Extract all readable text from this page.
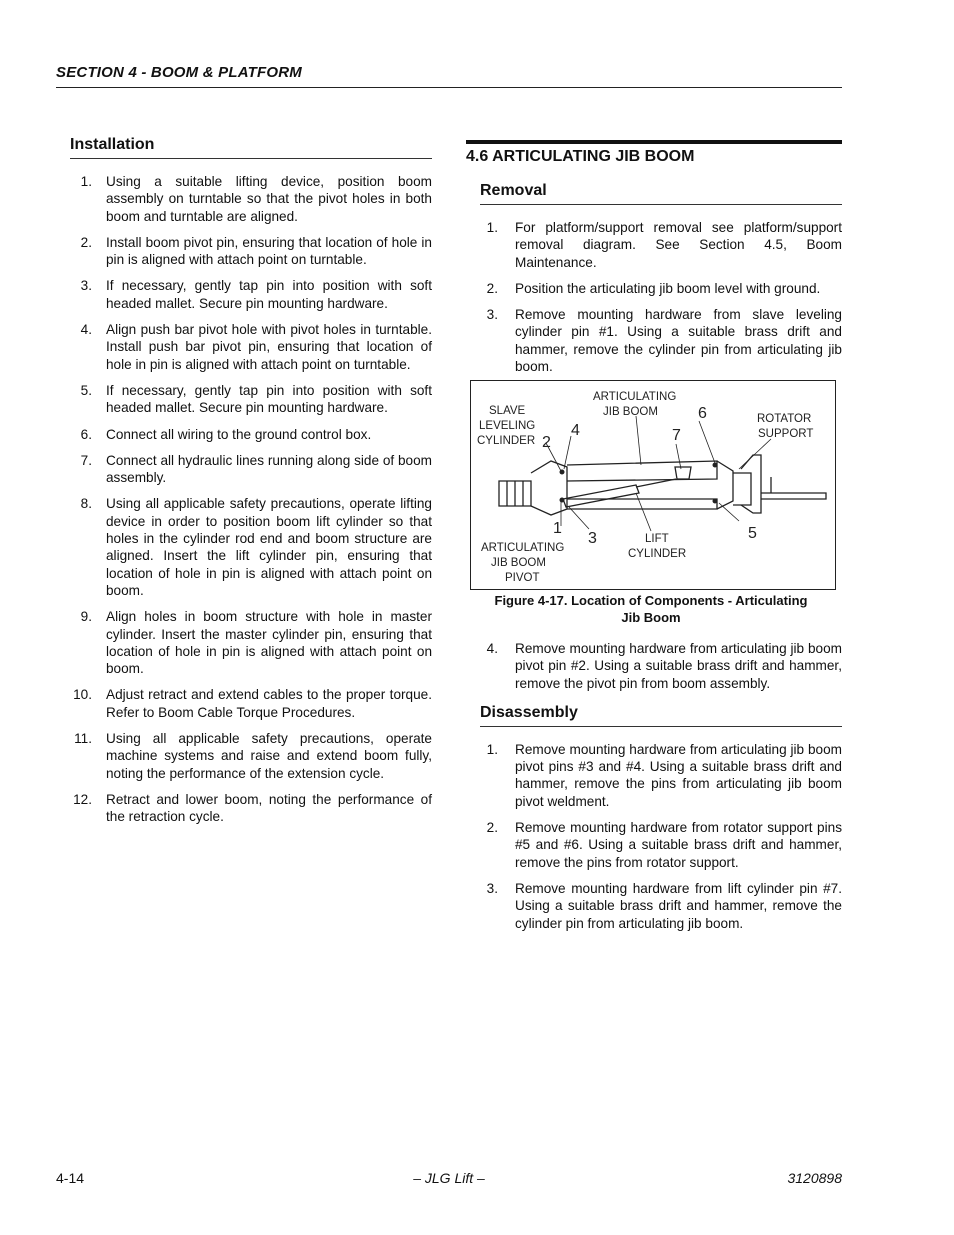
SECTION 4 - BOOM & PLATFORM
Installation
1. Using a suitable lifting device, position boom assembly on turntable so that the pivot holes in both boom and turntable are aligned.
2. Install boom pivot pin, ensuring that location of hole in pin is aligned with attach point on turntable.
3. If necessary, gently tap pin into position with soft headed mallet. Secure pin mounting hardware.
4. Align push bar pivot hole with pivot holes in turntable. Install push bar pivot pin, ensuring that location of hole in pin is aligned with attach point on turntable.
5. If necessary, gently tap pin into position with soft headed mallet. Secure pin mounting hardware.
6. Connect all wiring to the ground control box.
7. Connect all hydraulic lines running along side of boom assembly.
8. Using all applicable safety precautions, operate lifting device in order to position boom lift cylinder so that holes in the cylinder rod end and boom structure are aligned. Insert the lift cylinder pin, ensuring that location of hole in pin is aligned with attach point on boom.
9. Align holes in boom structure with hole in master cylinder. Insert the master cylinder pin, ensuring that location of hole in pin is aligned with attach point on boom.
10. Adjust retract and extend cables to the proper torque. Refer to Boom Cable Torque Procedures.
11. Using all applicable safety precautions, operate machine systems and raise and extend boom fully, noting the performance of the extension cycle.
12. Retract and lower boom, noting the performance of the retraction cycle.
4.6 ARTICULATING JIB BOOM
Removal
1. For platform/support removal see platform/support removal diagram. See Section 4.5, Boom Maintenance.
2. Position the articulating jib boom level with ground.
3. Remove mounting hardware from slave leveling cylinder pin #1. Using a suitable brass drift and hammer, remove the cylinder pin from articulating jib boom.
SLAVE
LEVELING
CYLINDER
ARTICULATING
JIB BOOM
ROTATOR
SUPPORT
ARTICULATING
JIB BOOM
PIVOT
LIFT
CYLINDER
1
2
3
4
5
6
7
Figure 4-17. Location of Components - Articulating
Jib Boom
4. Remove mounting hardware from articulating jib boom pivot pin #2. Using a suitable brass drift and hammer, remove the pivot pin from boom assembly.
Disassembly
1. Remove mounting hardware from articulating jib boom pivot pins #3 and #4. Using a suitable brass drift and hammer, remove the pins from articulating jib boom pivot weldment.
2. Remove mounting hardware from rotator support pins #5 and #6. Using a suitable brass drift and hammer, remove the pins from rotator support.
3. Remove mounting hardware from lift cylinder pin #7. Using a suitable brass drift and hammer, remove the cylinder pin from articulating jib boom.
4-14	– JLG Lift –	3120898
